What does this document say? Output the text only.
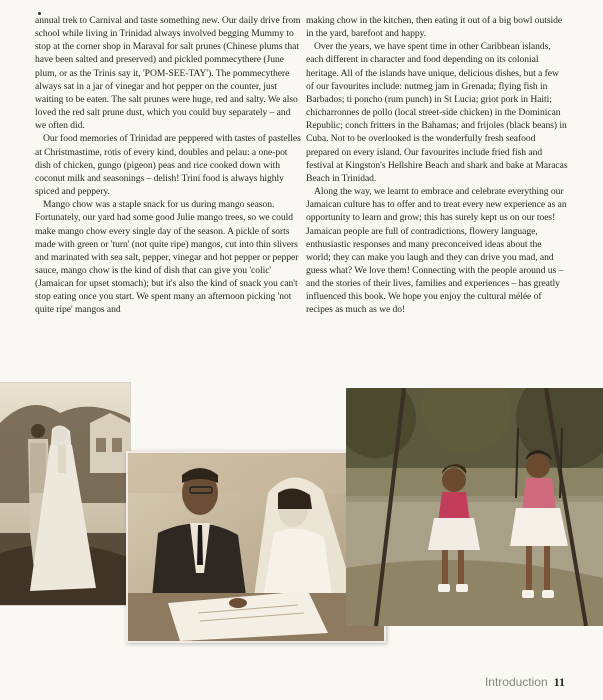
annual trek to Carnival and taste something new. Our daily drive from school while living in Trinidad always involved begging Mummy to stop at the corner shop in Maraval for salt prunes (Chinese plums that have been salted and preserved) and pickled pommecythere (June plum, or as the Trinis say it, 'POM-SEE-TAY'). The pommecythere always sat in a jar of vinegar and hot pepper on the counter, just waiting to be eaten. The salt prunes were huge, red and salty. We also loved the red salt prune dust, which you could buy separately – and we often did.

Our food memories of Trinidad are peppered with tastes of pastelles at Christmastime, rotis of every kind, doubles and pelau: a one-pot dish of chicken, gungo (pigeon) peas and rice cooked down with coconut milk and seasonings – delish! Trini food is always highly spiced and peppery.

Mango chow was a staple snack for us during mango season. Fortunately, our yard had some good Julie mango trees, so we could make mango chow every single day of the season. A pickle of sorts made with green or 'turn' (not quite ripe) mangos, cut into thin slivers and marinated with sea salt, pepper, vinegar and hot pepper or pepper sauce, mango chow is the kind of dish that can give you 'colic' (Jamaican for upset stomach); but it's also the kind of snack you can't stop eating once you start. We spent many an afternoon picking 'not quite ripe' mangos and

making chow in the kitchen, then eating it out of a big bowl outside in the yard, barefoot and happy.

Over the years, we have spent time in other Caribbean islands, each different in character and food depending on its colonial heritage. All of the islands have unique, delicious dishes, but a few of our favourites include: nutmeg jam in Grenada; flying fish in Barbados; ti poncho (rum punch) in St Lucia; griot pork in Haiti; chicharronnes de pollo (local street-side chicken) in the Dominican Republic; conch fritters in the Bahamas; and frijoles (black beans) in Cuba. Not to be overlooked is the wonderfully fresh seafood prepared on every island. Our favourites include fried fish and festival at Kingston's Hellshire Beach and shark and bake at Maracas Beach in Trinidad.

Along the way, we learnt to embrace and celebrate everything our Jamaican culture has to offer and to treat every new experience as an opportunity to learn and grow; this has surely kept us on our toes! Jamaican people are full of contradictions, flowery language, enthusiastic responses and many preconceived ideas about the world; they can make you laugh and they can drive you mad, and guess what? We love them! Connecting with the people around us – and the stories of their lives, families and experiences – has greatly influenced this book. We hope you enjoy the cultural mélée of recipes as much as we do!

Introduction 11
